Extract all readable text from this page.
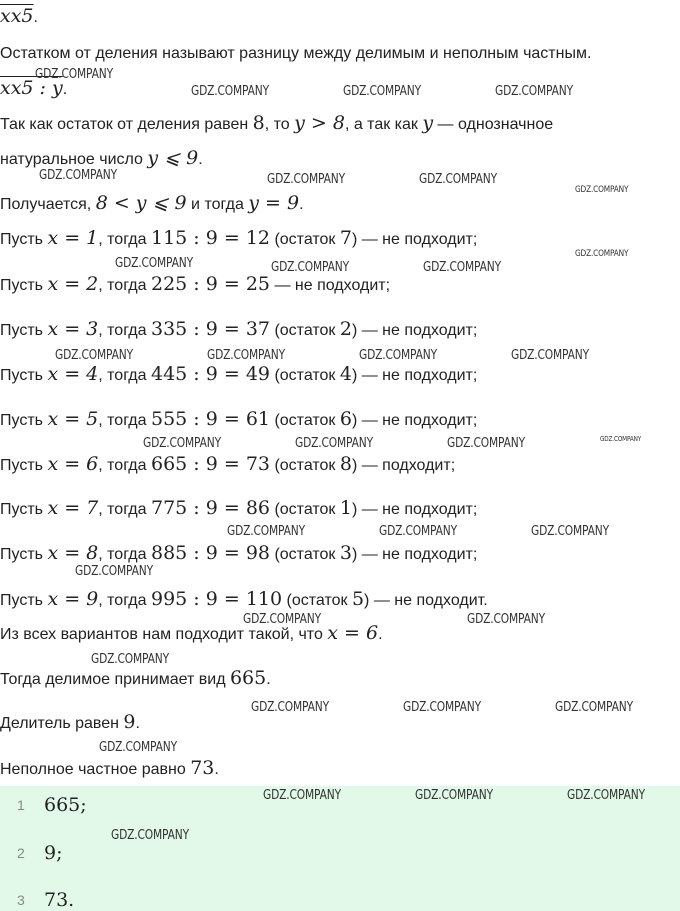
xx5.
Остатком от деления называют разницу между делимым и неполным частным.
xx5 : y.
Так как остаток от деления равен 8, то y > 8, а так как y — однозначное
натуральное число y ⩽ 9.
Получается, 8 < y ⩽ 9 и тогда y = 9.
Пусть x = 1, тогда 115 : 9 = 12 (остаток 7) — не подходит;
Пусть x = 2, тогда 225 : 9 = 25 — не подходит;
Пусть x = 3, тогда 335 : 9 = 37 (остаток 2) — не подходит;
Пусть x = 4, тогда 445 : 9 = 49 (остаток 4) — не подходит;
Пусть x = 5, тогда 555 : 9 = 61 (остаток 6) — не подходит;
Пусть x = 6, тогда 665 : 9 = 73 (остаток 8) — подходит;
Пусть x = 7, тогда 775 : 9 = 86 (остаток 1) — не подходит;
Пусть x = 8, тогда 885 : 9 = 98 (остаток 3) — не подходит;
Пусть x = 9, тогда 995 : 9 = 110 (остаток 5) — не подходит.
Из всех вариантов нам подходит такой, что x = 6.
Тогда делимое принимает вид 665.
Делитель равен 9.
Неполное частное равно 73.
1 665;
2 9;
3 73.
GDZ.COMPANY
GDZ.COMPANY	GDZ.COMPANY	GDZ.COMPANY
GDZ.COMPANY	GDZ.COMPANY	GDZ.COMPANY
GDZ.COMPANY
GDZ.COMPANY
GDZ.COMPANY	GDZ.COMPANY	GDZ.COMPANY
GDZ.COMPANY	GDZ.COMPANY	GDZ.COMPANY	GDZ.COMPANY
GDZ.COMPANY	GDZ.COMPANY	GDZ.COMPANY	GDZ.COMPANY
GDZ.COMPANY	GDZ.COMPANY	GDZ.COMPANY
GDZ.COMPANY
GDZ.COMPANY	GDZ.COMPANY
GDZ.COMPANY
GDZ.COMPANY	GDZ.COMPANY	GDZ.COMPANY
GDZ.COMPANY
GDZ.COMPANY	GDZ.COMPANY	GDZ.COMPANY
GDZ.COMPANY
